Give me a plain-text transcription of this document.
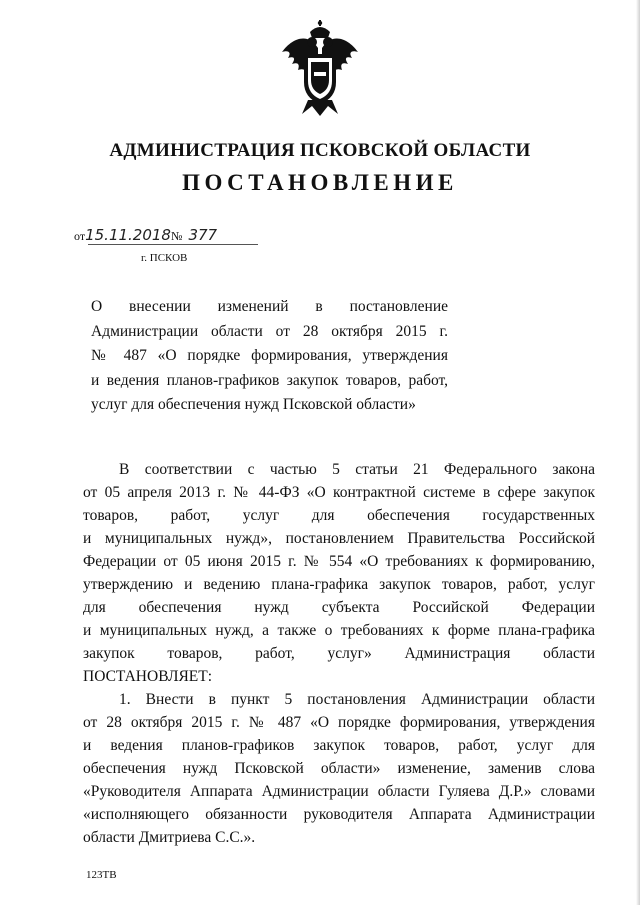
АДМИНИСТРАЦИЯ ПСКОВСКОЙ ОБЛАСТИ
ПОСТАНОВЛЕНИЕ
от15.11.2018№ 377
г. ПСКОВ
О внесении изменений в постановление
Администрации области от 28 октября 2015 г.
№ 487 «О порядке формирования, утверждения
и ведения планов-графиков закупок товаров, работ,
услуг для обеспечения нужд Псковской области»
В соответствии с частью 5 статьи 21 Федерального закона
от 05 апреля 2013 г. № 44-ФЗ «О контрактной системе в сфере закупок
товаров, работ, услуг для обеспечения государственных
и муниципальных нужд», постановлением Правительства Российской
Федерации от 05 июня 2015 г. № 554 «О требованиях к формированию,
утверждению и ведению плана-графика закупок товаров, работ, услуг
для обеспечения нужд субъекта Российской Федерации
и муниципальных нужд, а также о требованиях к форме плана-графика
закупок товаров, работ, услуг» Администрация области
ПОСТАНОВЛЯЕТ:
1. Внести в пункт 5 постановления Администрации области
от 28 октября 2015 г. № 487 «О порядке формирования, утверждения
и ведения планов-графиков закупок товаров, работ, услуг для
обеспечения нужд Псковской области» изменение, заменив слова
«Руководителя Аппарата Администрации области Гуляева Д.Р.» словами
«исполняющего обязанности руководителя Аппарата Администрации
области Дмитриева С.С.».
123ТВ
